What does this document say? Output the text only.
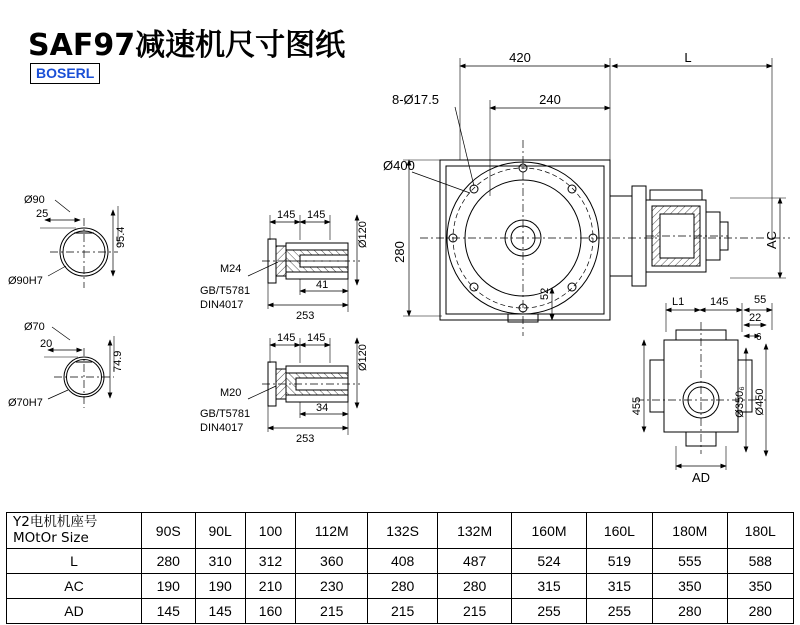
SAF97减速机尺寸图纸
BOSERL
Ø90
25
95.4
Ø90H7
Ø70
20
74.9
Ø70H7
145 145
Ø120
M24
GB/T5781
DIN4017
41
253
145 145
Ø120
M20
GB/T5781
DIN4017
34
253
420	L
240
8-Ø17.5
Ø400
280
52
AC
L1 145 55
22
6
455	Ø350₆ Ø450
AD
Y2电机机座号
MOtOr Size	90S	90L	100	112M	132S	132M	160M	160L	180M	180L
L	280	310	312	360	408	487	524	519	555	588
AC	190	190	210	230	280	280	315	315	350	350
AD	145	145	160	215	215	215	255	255	280	280
